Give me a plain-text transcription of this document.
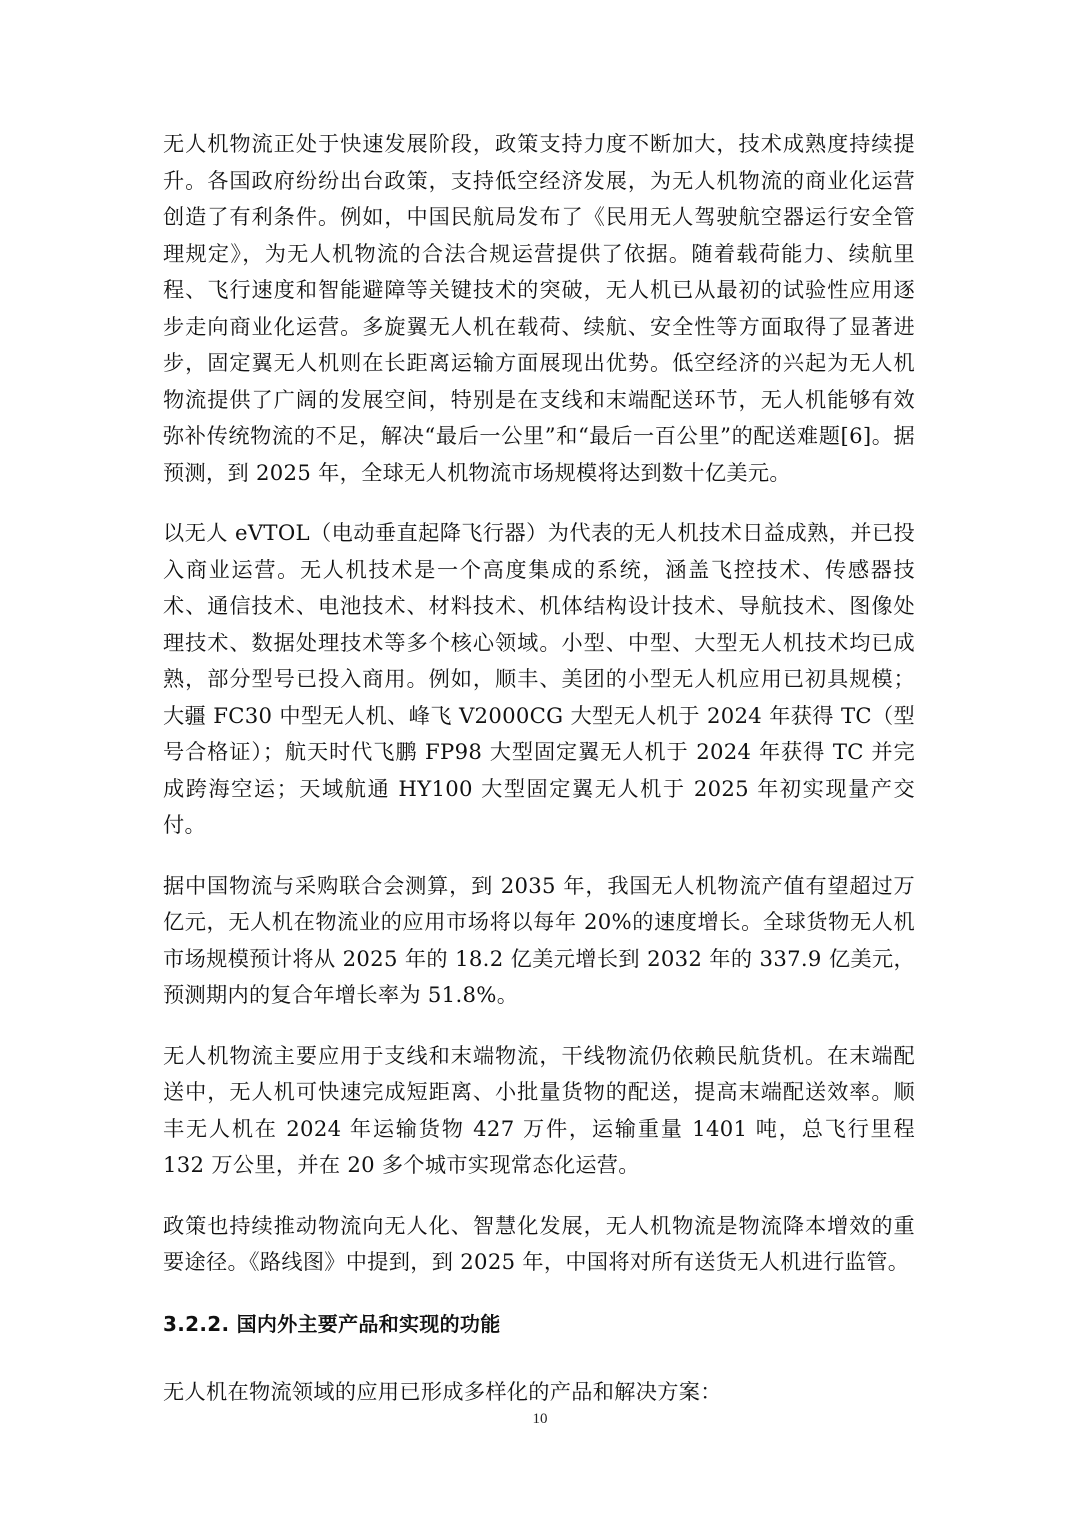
无人机物流正处于快速发展阶段，政策支持力度不断加大，技术成熟度持续提升。各国政府纷纷出台政策，支持低空经济发展，为无人机物流的商业化运营创造了有利条件。例如，中国民航局发布了《民用无人驾驶航空器运行安全管理规定》，为无人机物流的合法合规运营提供了依据。随着载荷能力、续航里程、飞行速度和智能避障等关键技术的突破，无人机已从最初的试验性应用逐步走向商业化运营。多旋翼无人机在载荷、续航、安全性等方面取得了显著进步，固定翼无人机则在长距离运输方面展现出优势。低空经济的兴起为无人机物流提供了广阔的发展空间，特别是在支线和末端配送环节，无人机能够有效弥补传统物流的不足，解决“最后一公里”和“最后一百公里”的配送难题[6]。据预测，到 2025 年，全球无人机物流市场规模将达到数十亿美元。

以无人 eVTOL（电动垂直起降飞行器）为代表的无人机技术日益成熟，并已投入商业运营。无人机技术是一个高度集成的系统，涵盖飞控技术、传感器技术、通信技术、电池技术、材料技术、机体结构设计技术、导航技术、图像处理技术、数据处理技术等多个核心领域。小型、中型、大型无人机技术均已成熟，部分型号已投入商用。例如，顺丰、美团的小型无人机应用已初具规模；大疆 FC30 中型无人机、峰飞 V2000CG 大型无人机于 2024 年获得 TC（型号合格证）；航天时代飞鹏 FP98 大型固定翼无人机于 2024 年获得 TC 并完成跨海空运；天域航通 HY100 大型固定翼无人机于 2025 年初实现量产交付。

据中国物流与采购联合会测算，到 2035 年，我国无人机物流产值有望超过万亿元，无人机在物流业的应用市场将以每年 20%的速度增长。全球货物无人机市场规模预计将从 2025 年的 18.2 亿美元增长到 2032 年的 337.9 亿美元，预测期内的复合年增长率为 51.8%。

无人机物流主要应用于支线和末端物流，干线物流仍依赖民航货机。在末端配送中，无人机可快速完成短距离、小批量货物的配送，提高末端配送效率。顺丰无人机在 2024 年运输货物 427 万件，运输重量 1401 吨，总飞行里程 132 万公里，并在 20 多个城市实现常态化运营。

政策也持续推动物流向无人化、智慧化发展，无人机物流是物流降本增效的重要途径。《路线图》中提到，到 2025 年，中国将对所有送货无人机进行监管。

3.2.2. 国内外主要产品和实现的功能

无人机在物流领域的应用已形成多样化的产品和解决方案：

10
